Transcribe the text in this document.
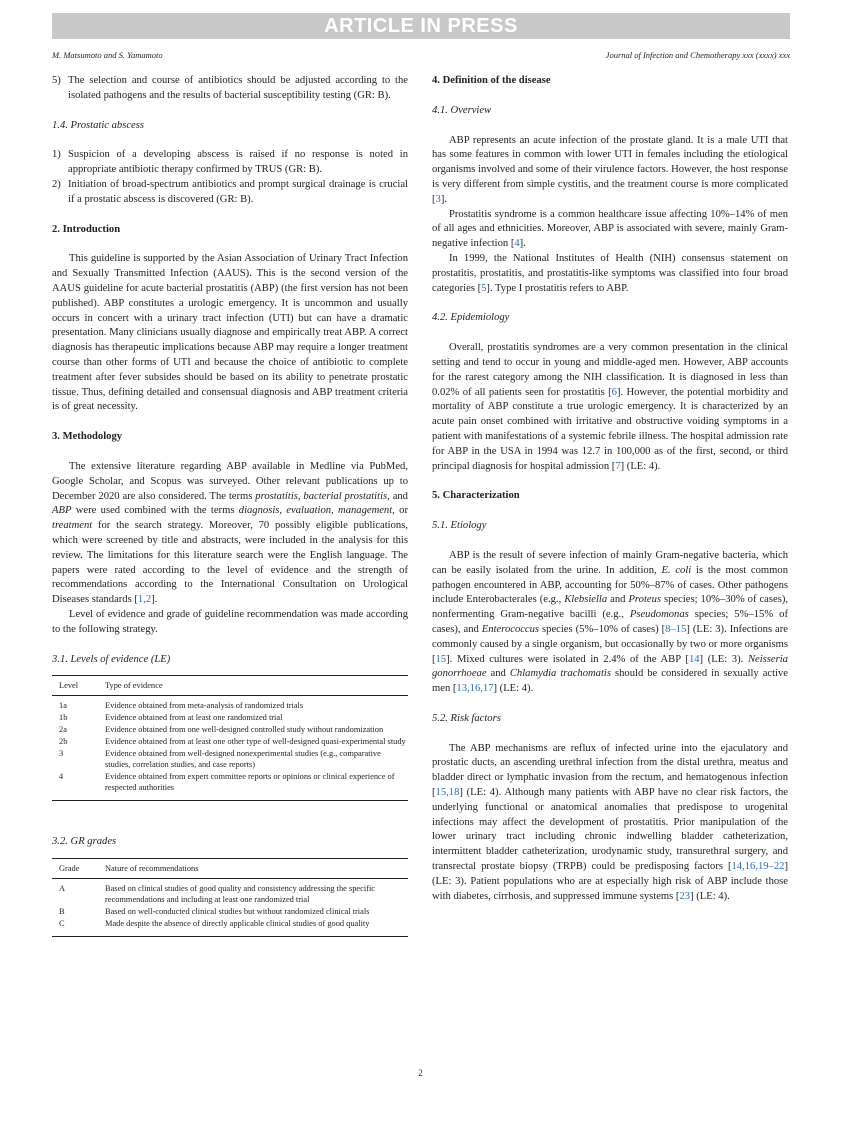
ARTICLE IN PRESS
M. Matsumoto and S. Yamamoto	Journal of Infection and Chemotherapy xxx (xxxx) xxx
5) The selection and course of antibiotics should be adjusted according to the isolated pathogens and the results of bacterial susceptibility testing (GR: B).
1.4. Prostatic abscess
1) Suspicion of a developing abscess is raised if no response is noted in appropriate antibiotic therapy confirmed by TRUS (GR: B).
2) Initiation of broad-spectrum antibiotics and prompt surgical drainage is crucial if a prostatic abscess is discovered (GR: B).
2. Introduction

This guideline is supported by the Asian Association of Urinary Tract Infection and Sexually Transmitted Infection (AAUS). This is the second version of the AAUS guideline for acute bacterial prostatitis (ABP) (the first version has not been published). ABP constitutes a urologic emergency. It is uncommon and usually occurs in concert with a urinary tract infection (UTI) but can have a dramatic presentation. Many clinicians usually diagnose and empirically treat ABP. A correct diagnosis has therapeutic implications because ABP may require a longer treatment course than other forms of UTI and because the choice of antibiotic to complete treatment after fever subsides should be based on its ability to penetrate prostatic tissue. Thus, defining detailed and consensual diagnosis and ABP treatment criteria is of great necessity.

3. Methodology

The extensive literature regarding ABP available in Medline via PubMed, Google Scholar, and Scopus was surveyed. Other relevant publications up to December 2020 are also considered. The terms prostatitis, bacterial prostatitis, and ABP were used combined with the terms diagnosis, evaluation, management, or treatment for the search strategy. Moreover, 70 possibly eligible publications, which were screened by title and abstracts, were included in the analysis for this review. The limitations for this literature search were the English language. The papers were rated according to the level of evidence and the strength of recommendations according to the International Consultation on Urological Diseases standards [1,2].

Level of evidence and grade of guideline recommendation was made according to the following strategy.

3.1. Levels of evidence (LE)
Level	Type of evidence
1a	Evidence obtained from meta-analysis of randomized trials
1b	Evidence obtained from at least one randomized trial
2a	Evidence obtained from one well-designed controlled study without randomization
2b	Evidence obtained from at least one other type of well-designed quasi-experimental study
3	Evidence obtained from well-designed nonexperimental studies (e.g., comparative studies, correlation studies, and case reports)
4	Evidence obtained from expert committee reports or opinions or clinical experience of respected authorities
3.2. GR grades
Grade	Nature of recommendations
A	Based on clinical studies of good quality and consistency addressing the specific recommendations and including at least one randomized trial
B	Based on well-conducted clinical studies but without randomized clinical trials
C	Made despite the absence of directly applicable clinical studies of good quality
4. Definition of the disease
4.1. Overview

ABP represents an acute infection of the prostate gland. It is a male UTI that has some features in common with lower UTI in females including the etiological organisms involved and some of their virulence factors. However, the host response is very different from simple cystitis, and the treatment course is more complicated [3].

Prostatitis syndrome is a common healthcare issue affecting 10%–14% of men of all ages and ethnicities. Moreover, ABP is associated with severe, mainly Gram-negative infection [4].

In 1999, the National Institutes of Health (NIH) consensus statement on prostatitis, prostatitis, and prostatitis-like symptoms was classified into four broad categories [5]. Type I prostatitis refers to ABP.

4.2. Epidemiology

Overall, prostatitis syndromes are a very common presentation in the clinical setting and tend to occur in young and middle-aged men. However, ABP accounts for the rarest category among the NIH classification. It is diagnosed in less than 0.02% of all patients seen for prostatitis [6]. However, the potential morbidity and mortality of ABP constitute a true urologic emergency. It is characterized by an acute pain onset combined with irritative and obstructive voiding symptoms in a patient with manifestations of a systemic febrile illness. The hospital admission rate for ABP in the USA in 1994 was 12.7 in 100,000 as of the first, second, or third principal diagnosis for hospital admission [7] (LE: 4).

5. Characterization
5.1. Etiology

ABP is the result of severe infection of mainly Gram-negative bacteria, which can be easily isolated from the urine. In addition, E. coli is the most common pathogen encountered in ABP, accounting for 50%–87% of cases. Other pathogens include Enterobacterales (e.g., Klebsiella and Proteus species; 10%–30% of cases), nonfermenting Gram-negative bacilli (e.g., Pseudomonas species; 5%–15% of cases), and Enterococcus species (5%–10% of cases) [8–15] (LE: 3). Infections are commonly caused by a single organism, but occasionally by two or more organisms [15]. Mixed cultures were isolated in 2.4% of the ABP [14] (LE: 3). Neisseria gonorrhoeae and Chlamydia trachomatis should be considered in sexually active men [13,16,17] (LE: 4).

5.2. Risk factors

The ABP mechanisms are reflux of infected urine into the ejaculatory and prostatic ducts, an ascending urethral infection from the distal urethra, meatus and bladder direct or lymphatic invasion from the rectum, and hematogenous infection [15,18] (LE: 4). Although many patients with ABP have no clear risk factors, the underlying functional or anatomical anomalies that predispose to urogenital infections may affect the development of prostatitis. Prior manipulation of the lower urinary tract including chronic indwelling bladder catheterization, intermittent bladder catheterization, urodynamic study, transurethral surgery, and transrectal prostate biopsy (TRPB) could be predisposing factors [14,16,19–22] (LE: 3). Patient populations who are at especially high risk of ABP include those with diabetes, cirrhosis, and suppressed immune systems [23] (LE: 4).

2
